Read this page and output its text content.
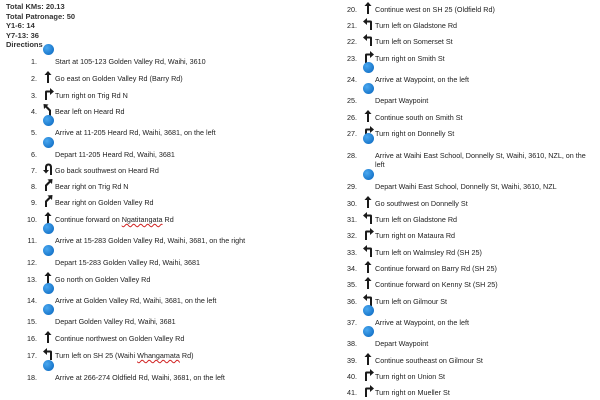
Total KMs: 20.13
Total Patronage: 50
Y1-6: 14
Y7-13: 36
Directions
1.	Start at 105-123 Golden Valley Rd, Waihi, 3610
2.	Go east on Golden Valley Rd (Barry Rd)
3.	Turn right on Trig Rd N
4.	Bear left on Heard Rd
5.	Arrive at 11-205 Heard Rd, Waihi, 3681, on the left
6.	Depart 11-205 Heard Rd, Waihi, 3681
7.	Go back southwest on Heard Rd
8.	Bear right on Trig Rd N
9.	Bear right on Golden Valley Rd
10.	Continue forward on Ngatitangata Rd
11.	Arrive at 15-283 Golden Valley Rd, Waihi, 3681, on the right
12.	Depart 15-283 Golden Valley Rd, Waihi, 3681
13.	Go north on Golden Valley Rd
14.	Arrive at Golden Valley Rd, Waihi, 3681, on the left
15.	Depart Golden Valley Rd, Waihi, 3681
16.	Continue northwest on Golden Valley Rd
17.	Turn left on SH 25 (Waihi Whangamata Rd)
18.	Arrive at 266-274 Oldfield Rd, Waihi, 3681, on the left
20.	Continue west on SH 25 (Oldfield Rd)
21.	Turn left on Gladstone Rd
22.	Turn left on Somerset St
23.	Turn right on Smith St
24.	Arrive at Waypoint, on the left
25.	Depart Waypoint
26.	Continue south on Smith St
27.	Turn right on Donnelly St
28.	Arrive at Waihi East School, Donnelly St, Waihi, 3610, NZL, on the left
29.	Depart Waihi East School, Donnelly St, Waihi, 3610, NZL
30.	Go southwest on Donnelly St
31.	Turn left on Gladstone Rd
32.	Turn right on Mataura Rd
33.	Turn left on Walmsley Rd (SH 25)
34.	Continue forward on Barry Rd (SH 25)
35.	Continue forward on Kenny St (SH 25)
36.	Turn left on Gilmour St
37.	Arrive at Waypoint, on the left
38.	Depart Waypoint
39.	Continue southeast on Gilmour St
40.	Turn right on Union St
41.	Turn right on Mueller St
